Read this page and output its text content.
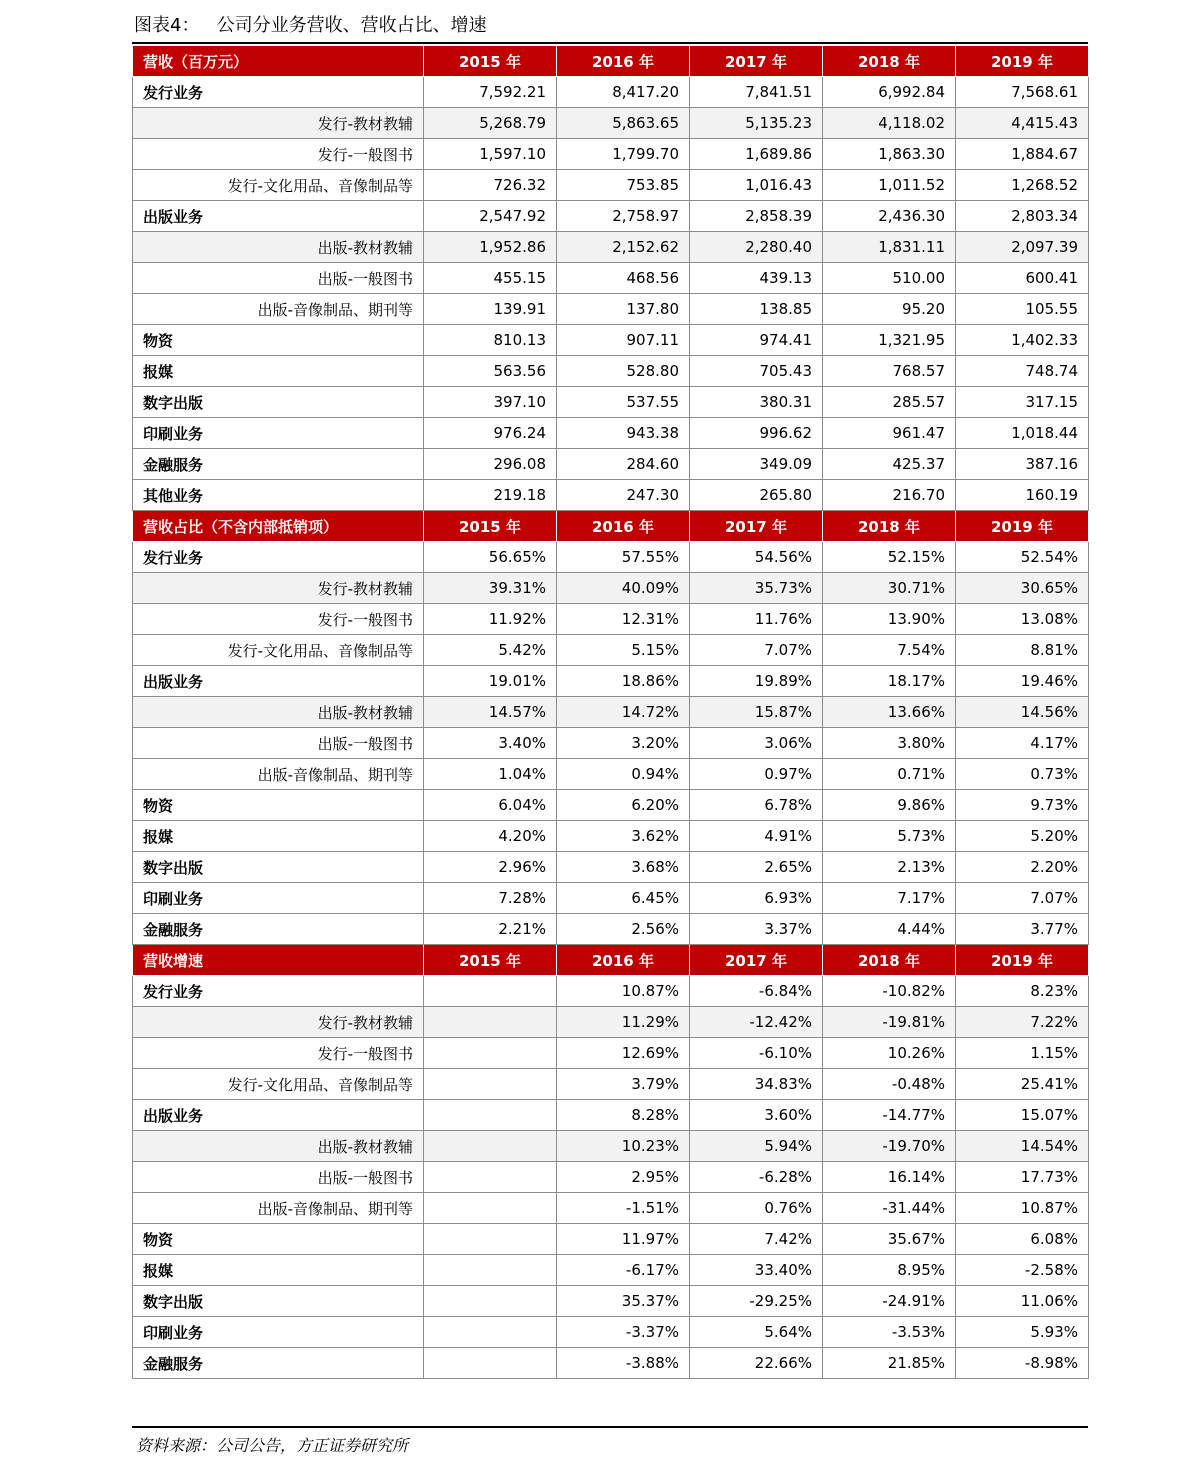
图表4：   公司分业务营收、营收占比、增速
营收（百万元）	2015 年	2016 年	2017 年	2018 年	2019 年
发行业务	7,592.21	8,417.20	7,841.51	6,992.84	7,568.61
发行-教材教辅	5,268.79	5,863.65	5,135.23	4,118.02	4,415.43
发行-一般图书	1,597.10	1,799.70	1,689.86	1,863.30	1,884.67
发行-文化用品、音像制品等	726.32	753.85	1,016.43	1,011.52	1,268.52
出版业务	2,547.92	2,758.97	2,858.39	2,436.30	2,803.34
出版-教材教辅	1,952.86	2,152.62	2,280.40	1,831.11	2,097.39
出版-一般图书	455.15	468.56	439.13	510.00	600.41
出版-音像制品、期刊等	139.91	137.80	138.85	95.20	105.55
物资	810.13	907.11	974.41	1,321.95	1,402.33
报媒	563.56	528.80	705.43	768.57	748.74
数字出版	397.10	537.55	380.31	285.57	317.15
印刷业务	976.24	943.38	996.62	961.47	1,018.44
金融服务	296.08	284.60	349.09	425.37	387.16
其他业务	219.18	247.30	265.80	216.70	160.19
营收占比（不含内部抵销项）	2015 年	2016 年	2017 年	2018 年	2019 年
发行业务	56.65%	57.55%	54.56%	52.15%	52.54%
发行-教材教辅	39.31%	40.09%	35.73%	30.71%	30.65%
发行-一般图书	11.92%	12.31%	11.76%	13.90%	13.08%
发行-文化用品、音像制品等	5.42%	5.15%	7.07%	7.54%	8.81%
出版业务	19.01%	18.86%	19.89%	18.17%	19.46%
出版-教材教辅	14.57%	14.72%	15.87%	13.66%	14.56%
出版-一般图书	3.40%	3.20%	3.06%	3.80%	4.17%
出版-音像制品、期刊等	1.04%	0.94%	0.97%	0.71%	0.73%
物资	6.04%	6.20%	6.78%	9.86%	9.73%
报媒	4.20%	3.62%	4.91%	5.73%	5.20%
数字出版	2.96%	3.68%	2.65%	2.13%	2.20%
印刷业务	7.28%	6.45%	6.93%	7.17%	7.07%
金融服务	2.21%	2.56%	3.37%	4.44%	3.77%
营收增速	2015 年	2016 年	2017 年	2018 年	2019 年
发行业务		10.87%	-6.84%	-10.82%	8.23%
发行-教材教辅		11.29%	-12.42%	-19.81%	7.22%
发行-一般图书		12.69%	-6.10%	10.26%	1.15%
发行-文化用品、音像制品等		3.79%	34.83%	-0.48%	25.41%
出版业务		8.28%	3.60%	-14.77%	15.07%
出版-教材教辅		10.23%	5.94%	-19.70%	14.54%
出版-一般图书		2.95%	-6.28%	16.14%	17.73%
出版-音像制品、期刊等		-1.51%	0.76%	-31.44%	10.87%
物资		11.97%	7.42%	35.67%	6.08%
报媒		-6.17%	33.40%	8.95%	-2.58%
数字出版		35.37%	-29.25%	-24.91%	11.06%
印刷业务		-3.37%	5.64%	-3.53%	5.93%
金融服务		-3.88%	22.66%	21.85%	-8.98%
资料来源：公司公告，方正证券研究所
